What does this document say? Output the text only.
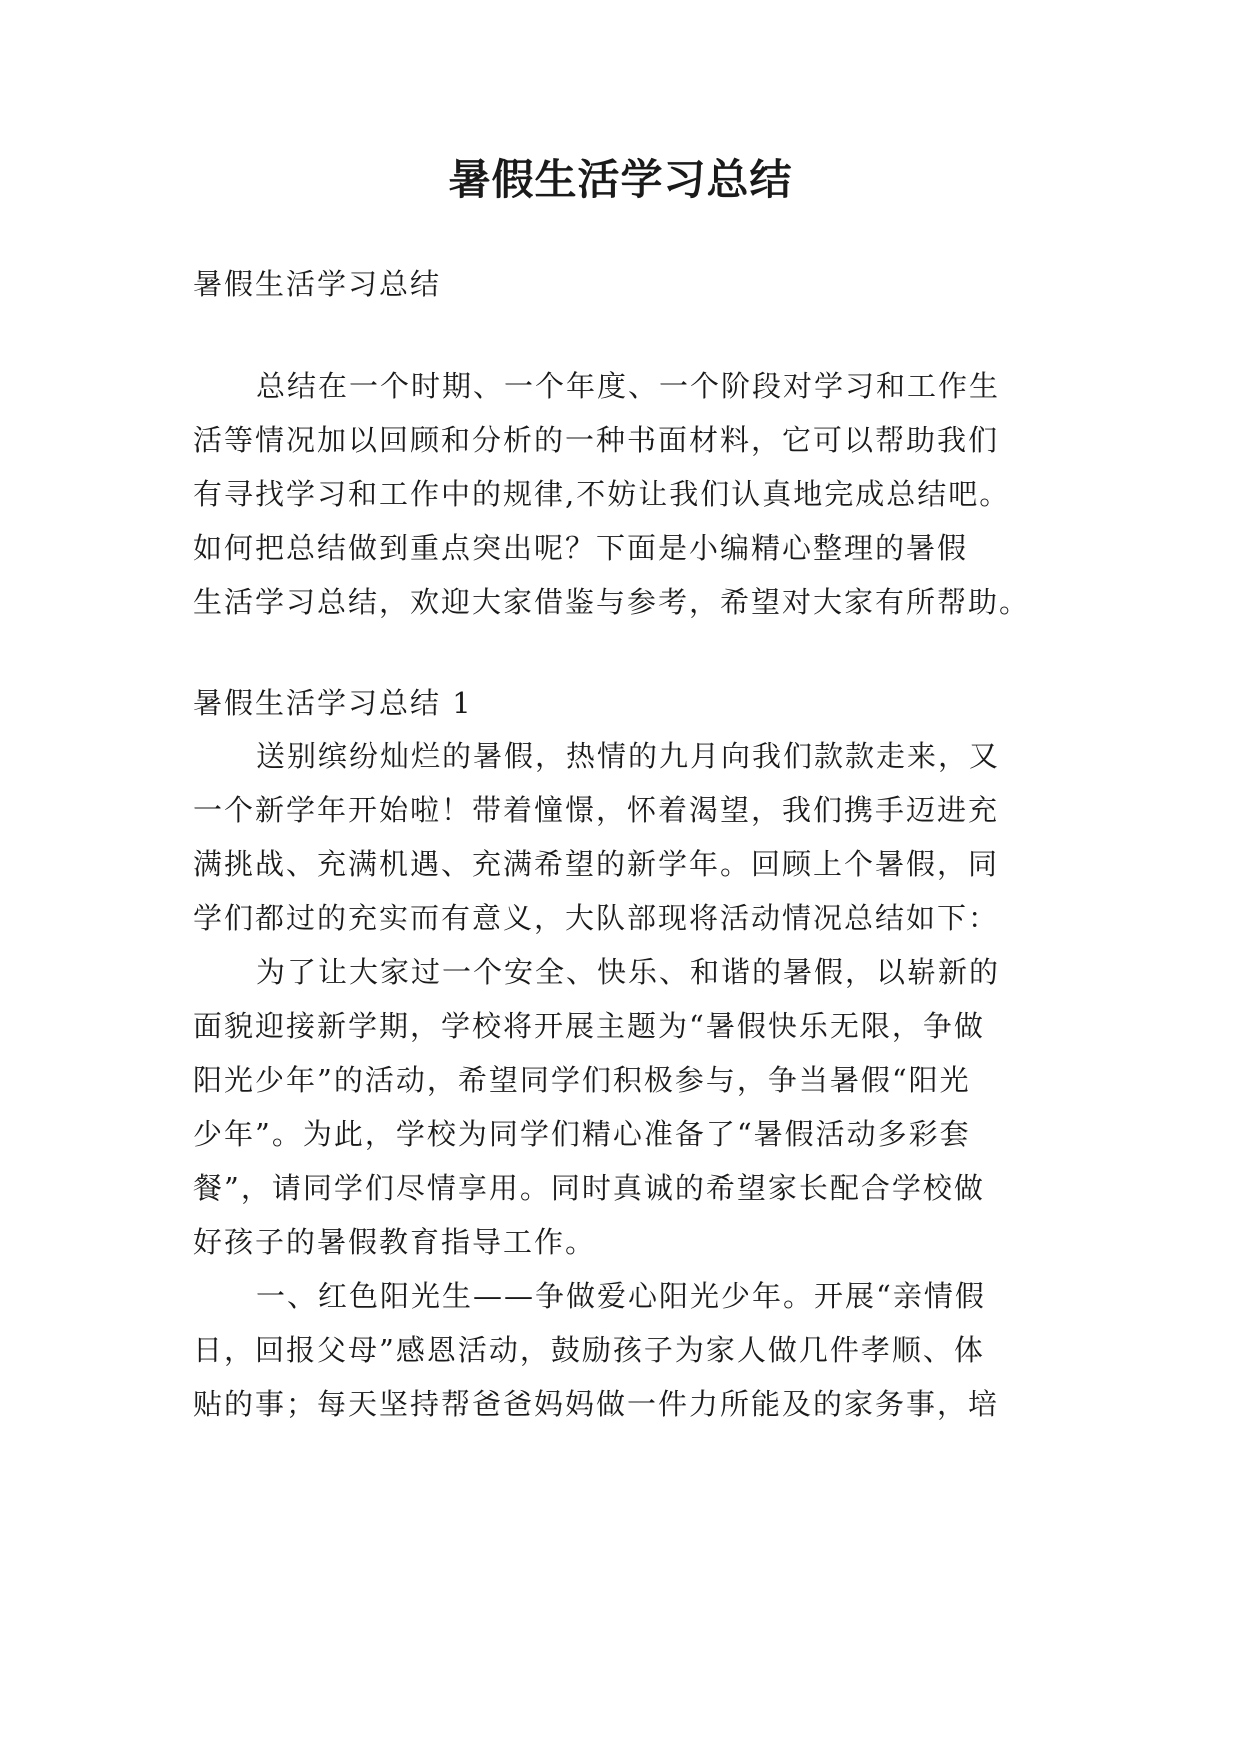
暑假生活学习总结

暑假生活学习总结

总结在一个时期、一个年度、一个阶段对学习和工作生

活等情况加以回顾和分析的一种书面材料，它可以帮助我们

有寻找学习和工作中的规律,不妨让我们认真地完成总结吧。

如何把总结做到重点突出呢？下面是小编精心整理的暑假

生活学习总结，欢迎大家借鉴与参考，希望对大家有所帮助。

暑假生活学习总结 1

送别缤纷灿烂的暑假，热情的九月向我们款款走来，又

一个新学年开始啦！带着憧憬，怀着渴望，我们携手迈进充

满挑战、充满机遇、充满希望的新学年。回顾上个暑假，同

学们都过的充实而有意义，大队部现将活动情况总结如下：

为了让大家过一个安全、快乐、和谐的暑假，以崭新的

面貌迎接新学期，学校将开展主题为“暑假快乐无限，争做

阳光少年”的活动，希望同学们积极参与，争当暑假“阳光

少年”。为此，学校为同学们精心准备了“暑假活动多彩套

餐”，请同学们尽情享用。同时真诚的希望家长配合学校做

好孩子的暑假教育指导工作。

一、红色阳光生——争做爱心阳光少年。开展“亲情假

日，回报父母”感恩活动，鼓励孩子为家人做几件孝顺、体

贴的事；每天坚持帮爸爸妈妈做一件力所能及的家务事，培
